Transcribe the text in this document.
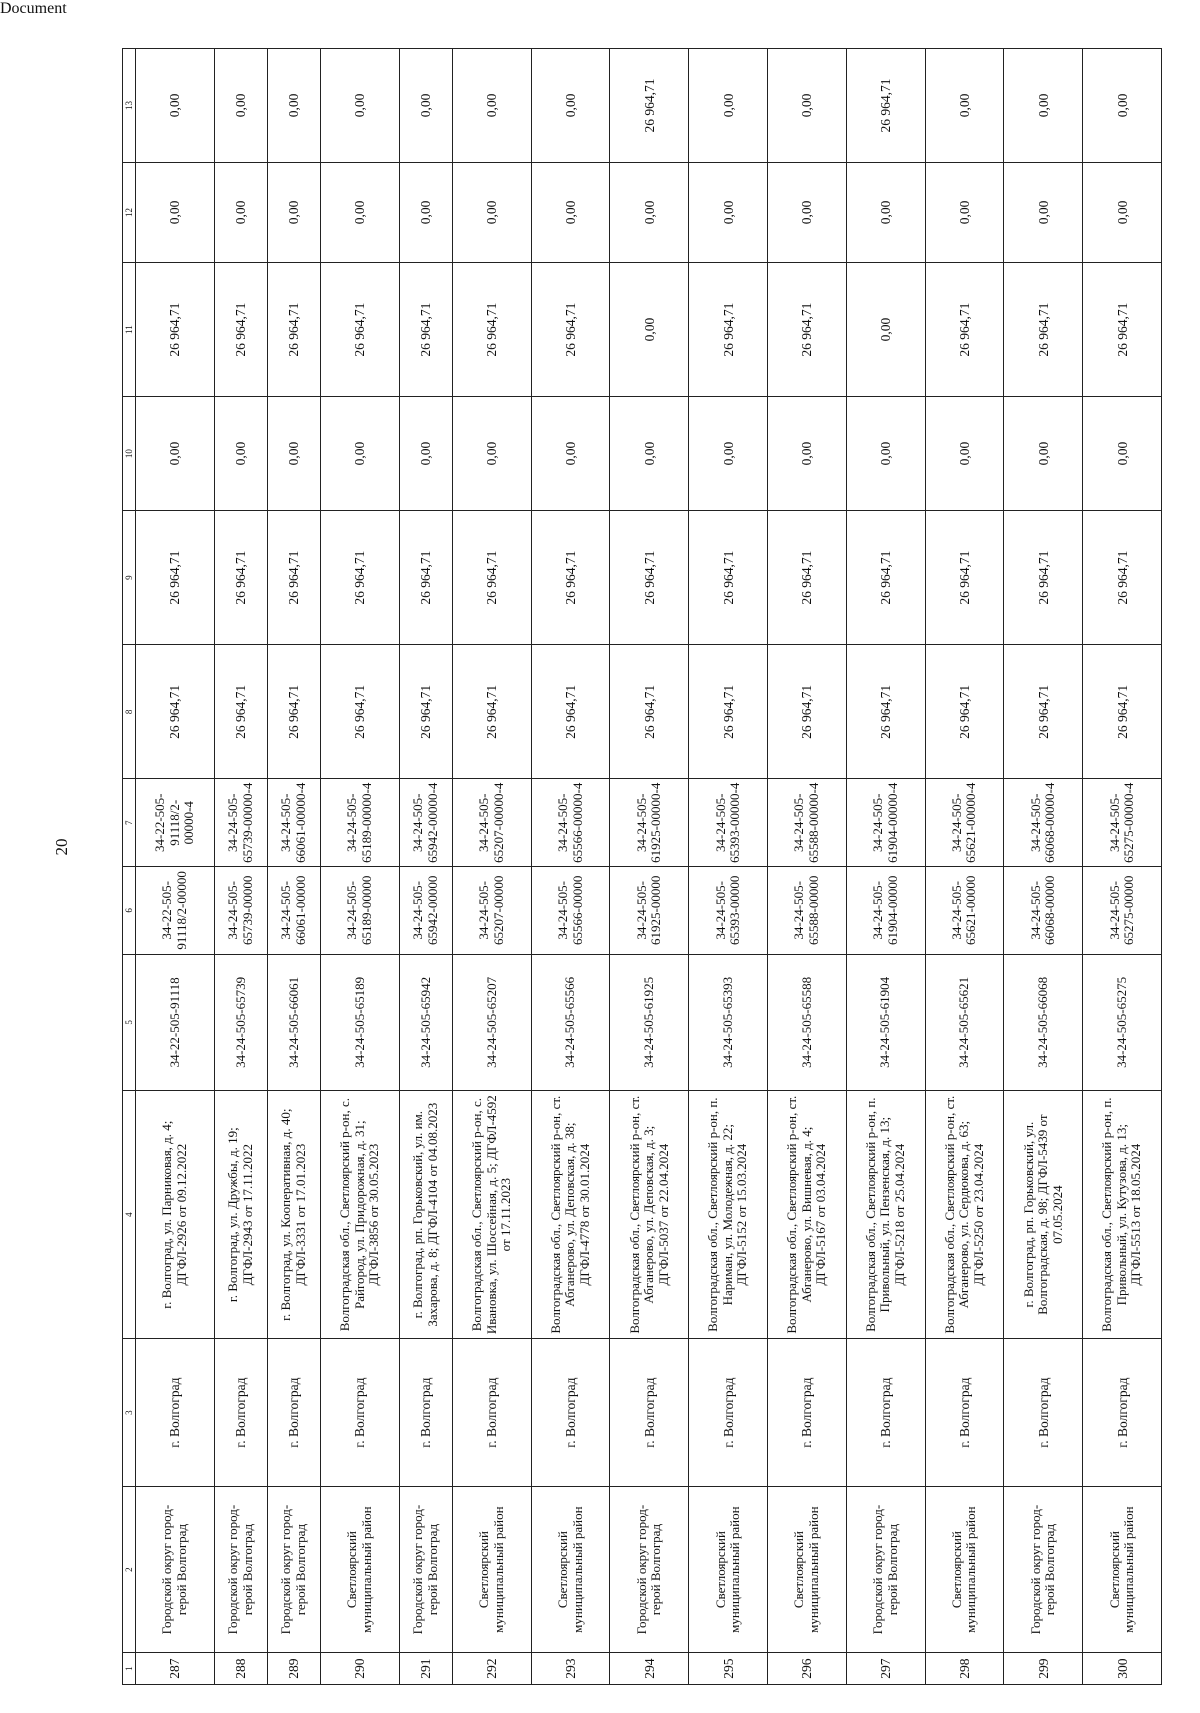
Document
20
1	2	3	4	5	6	7	8	9	10	11	12	13
287	Городской округ город-герой Волгоград	г. Волгоград	г. Волгоград, ул. Парниковая, д. 4; ДГФЛ-2926 от 09.12.2022	34-22-505-91118	34-22-505-91118/2-00000	34-22-505-91118/2-00000-4	26 964,71	26 964,71	0,00	26 964,71	0,00	0,00
288	Городской округ город-герой Волгоград	г. Волгоград	г. Волгоград, ул. Дружбы, д. 19; ДГФЛ-2943 от 17.11.2022	34-24-505-65739	34-24-505-65739-00000	34-24-505-65739-00000-4	26 964,71	26 964,71	0,00	26 964,71	0,00	0,00
289	Городской округ город-герой Волгоград	г. Волгоград	г. Волгоград, ул. Кооперативная, д. 40; ДГФЛ-3331 от 17.01.2023	34-24-505-66061	34-24-505-66061-00000	34-24-505-66061-00000-4	26 964,71	26 964,71	0,00	26 964,71	0,00	0,00
290	Светлоярский муниципальный район	г. Волгоград	Волгоградская обл., Светлоярский р-он, с. Райгород, ул. Придорожная, д. 31; ДГФЛ-3856 от 30.05.2023	34-24-505-65189	34-24-505-65189-00000	34-24-505-65189-00000-4	26 964,71	26 964,71	0,00	26 964,71	0,00	0,00
291	Городской округ город-герой Волгоград	г. Волгоград	г. Волгоград, рп. Горьковский, ул. им. Захарова, д. 8; ДГФЛ-4104 от 04.08.2023	34-24-505-65942	34-24-505-65942-00000	34-24-505-65942-00000-4	26 964,71	26 964,71	0,00	26 964,71	0,00	0,00
292	Светлоярский муниципальный район	г. Волгоград	Волгоградская обл., Светлоярский р-он, с. Ивановка, ул. Шоссейная, д. 5; ДГФЛ-4592 от 17.11.2023	34-24-505-65207	34-24-505-65207-00000	34-24-505-65207-00000-4	26 964,71	26 964,71	0,00	26 964,71	0,00	0,00
293	Светлоярский муниципальный район	г. Волгоград	Волгоградская обл., Светлоярский р-он, ст. Абганерово, ул. Деповская, д. 38; ДГФЛ-4778 от 30.01.2024	34-24-505-65566	34-24-505-65566-00000	34-24-505-65566-00000-4	26 964,71	26 964,71	0,00	26 964,71	0,00	0,00
294	Городской округ город-герой Волгоград	г. Волгоград	Волгоградская обл., Светлоярский р-он, ст. Абганерово, ул. Деповская, д. 3; ДГФЛ-5037 от 22.04.2024	34-24-505-61925	34-24-505-61925-00000	34-24-505-61925-00000-4	26 964,71	26 964,71	0,00	0,00	0,00	26 964,71
295	Светлоярский муниципальный район	г. Волгоград	Волгоградская обл., Светлоярский р-он, п. Нариман, ул. Молодежная, д. 22; ДГФЛ-5152 от 15.03.2024	34-24-505-65393	34-24-505-65393-00000	34-24-505-65393-00000-4	26 964,71	26 964,71	0,00	26 964,71	0,00	0,00
296	Светлоярский муниципальный район	г. Волгоград	Волгоградская обл., Светлоярский р-он, ст. Абганерово, ул. Вишневая, д. 4; ДГФЛ-5167 от 03.04.2024	34-24-505-65588	34-24-505-65588-00000	34-24-505-65588-00000-4	26 964,71	26 964,71	0,00	26 964,71	0,00	0,00
297	Городской округ город-герой Волгоград	г. Волгоград	Волгоградская обл., Светлоярский р-он, п. Привольный, ул. Пензенская, д. 13; ДГФЛ-5218 от 25.04.2024	34-24-505-61904	34-24-505-61904-00000	34-24-505-61904-00000-4	26 964,71	26 964,71	0,00	0,00	0,00	26 964,71
298	Светлоярский муниципальный район	г. Волгоград	Волгоградская обл., Светлоярский р-он, ст. Абганерово, ул. Сердюкова, д. 63; ДГФЛ-5250 от 23.04.2024	34-24-505-65621	34-24-505-65621-00000	34-24-505-65621-00000-4	26 964,71	26 964,71	0,00	26 964,71	0,00	0,00
299	Городской округ город-герой Волгоград	г. Волгоград	г. Волгоград, рп. Горьковский, ул. Волгоградская, д. 98; ДГФЛ-5439 от 07.05.2024	34-24-505-66068	34-24-505-66068-00000	34-24-505-66068-00000-4	26 964,71	26 964,71	0,00	26 964,71	0,00	0,00
300	Светлоярский муниципальный район	г. Волгоград	Волгоградская обл., Светлоярский р-он, п. Привольный, ул. Кутузова, д. 13; ДГФЛ-5513 от 18.05.2024	34-24-505-65275	34-24-505-65275-00000	34-24-505-65275-00000-4	26 964,71	26 964,71	0,00	26 964,71	0,00	0,00
